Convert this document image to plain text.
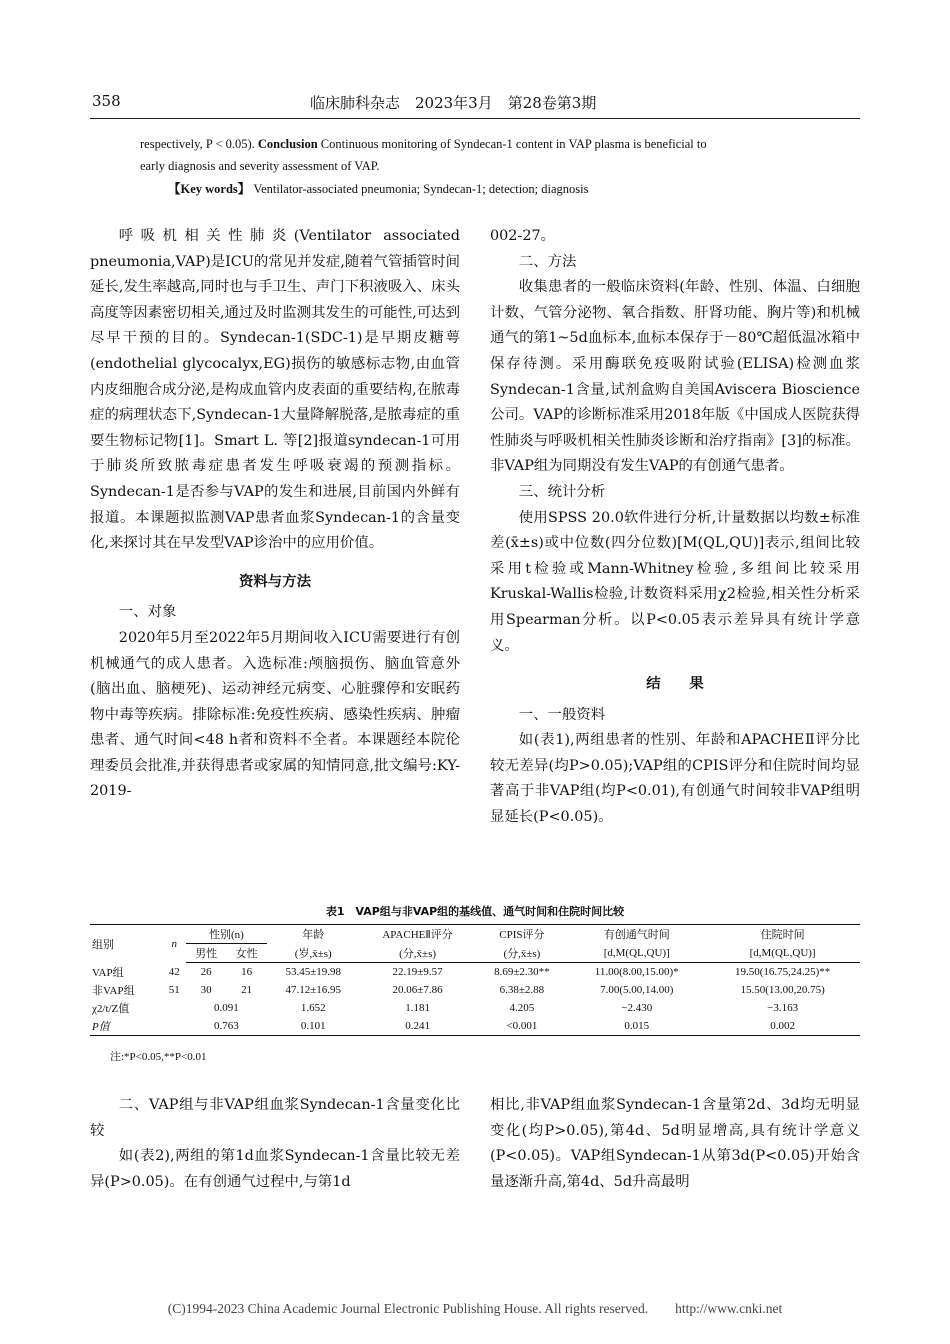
358	临床肺科杂志　2023年3月　第28卷第3期
respectively, P < 0.05). Conclusion Continuous monitoring of Syndecan-1 content in VAP plasma is beneficial to
early diagnosis and severity assessment of VAP.
【Key words】 Ventilator-associated pneumonia; Syndecan-1; detection; diagnosis

呼吸机相关性肺炎(Ventilator associated pneumonia,VAP)是ICU的常见并发症,随着气管插管时间延长,发生率越高,同时也与手卫生、声门下积液吸入、床头高度等因素密切相关,通过及时监测其发生的可能性,可达到尽早干预的目的。Syndecan-1(SDC-1)是早期皮糖萼(endothelial glycocalyx,EG)损伤的敏感标志物,由血管内皮细胞合成分泌,是构成血管内皮表面的重要结构,在脓毒症的病理状态下,Syndecan-1大量降解脱落,是脓毒症的重要生物标记物[1]。Smart L. 等[2]报道syndecan-1可用于肺炎所致脓毒症患者发生呼吸衰竭的预测指标。Syndecan-1是否参与VAP的发生和进展,目前国内外鲜有报道。本课题拟监测VAP患者血浆Syndecan-1的含量变化,来探讨其在早发型VAP诊治中的应用价值。

资料与方法

一、对象

2020年5月至2022年5月期间收入ICU需要进行有创机械通气的成人患者。入选标准:颅脑损伤、脑血管意外(脑出血、脑梗死)、运动神经元病变、心脏骤停和安眠药物中毒等疾病。排除标准:免疫性疾病、感染性疾病、肿瘤患者、通气时间<48 h者和资料不全者。本课题经本院伦理委员会批准,并获得患者或家属的知情同意,批文编号:KY-2019-

002-27。

二、方法

收集患者的一般临床资料(年龄、性别、体温、白细胞计数、气管分泌物、氧合指数、肝肾功能、胸片等)和机械通气的第1~5d血标本,血标本保存于－80℃超低温冰箱中保存待测。采用酶联免疫吸附试验(ELISA)检测血浆Syndecan-1含量,试剂盒购自美国Aviscera Bioscience公司。VAP的诊断标准采用2018年版《中国成人医院获得性肺炎与呼吸机相关性肺炎诊断和治疗指南》[3]的标准。非VAP组为同期没有发生VAP的有创通气患者。

三、统计分析

使用SPSS 20.0软件进行分析,计量数据以均数±标准差(x̄±s)或中位数(四分位数)[M(QL,QU)]表示,组间比较采用t检验或Mann-Whitney检验,多组间比较采用Kruskal-Wallis检验,计数资料采用χ2检验,相关性分析采用Spearman分析。以P<0.05表示差异具有统计学意义。

结　　果

一、一般资料

如(表1),两组患者的性别、年龄和APACHEⅡ评分比较无差异(均P>0.05);VAP组的CPIS评分和住院时间均显著高于非VAP组(均P<0.01),有创通气时间较非VAP组明显延长(P<0.05)。

表1　VAP组与非VAP组的基线值、通气时间和住院时间比较
组别	n	性别(n)		年龄	APACHEⅡ评分	CPIS评分	有创通气时间	住院时间
		男性	女性	(岁,x̄±s)	(分,x̄±s)	(分,x̄±s)	[d,M(QL,QU)]	[d,M(QL,QU)]
VAP组	42	26	16	53.45±19.98	22.19±9.57	8.69±2.30**	11.00(8.00,15.00)*	19.50(16.75,24.25)**
非VAP组	51	30	21	47.12±16.95	20.06±7.86	6.38±2.88	7.00(5.00,14.00)	15.50(13.00,20.75)
χ2/t/Z值		0.091		1.652	1.181	4.205	−2.430	−3.163
P值		0.763		0.101	0.241	<0.001	0.015	0.002
注:*P<0.05,**P<0.01

二、VAP组与非VAP组血浆Syndecan-1含量变化比较

如(表2),两组的第1d血浆Syndecan-1含量比较无差异(P>0.05)。在有创通气过程中,与第1d

相比,非VAP组血浆Syndecan-1含量第2d、3d均无明显变化(均P>0.05),第4d、5d明显增高,具有统计学意义(P<0.05)。VAP组Syndecan-1从第3d(P<0.05)开始含量逐渐升高,第4d、5d升高最明

(C)1994-2023 China Academic Journal Electronic Publishing House. All rights reserved.　　http://www.cnki.net
